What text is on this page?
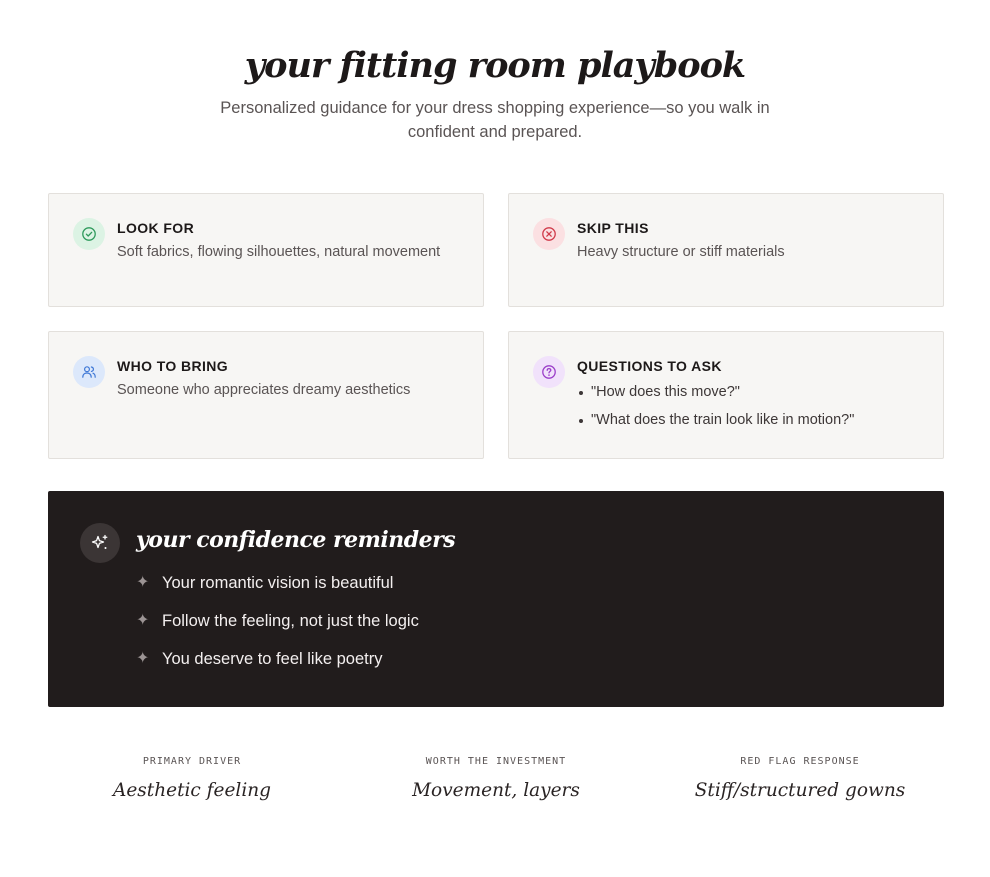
your fitting room playbook

Personalized guidance for your dress shopping experience—so you walk in confident and prepared.

LOOK FOR
Soft fabrics, flowing silhouettes, natural movement
SKIP THIS
Heavy structure or stiff materials
WHO TO BRING
Someone who appreciates dreamy aesthetics
QUESTIONS TO ASK
"How does this move?"
"What does the train look like in motion?"
your confidence reminders
✦ Your romantic vision is beautiful
✦ Follow the feeling, not just the logic
✦ You deserve to feel like poetry
PRIMARY DRIVER
Aesthetic feeling
WORTH THE INVESTMENT
Movement, layers
RED FLAG RESPONSE
Stiff/structured gowns
